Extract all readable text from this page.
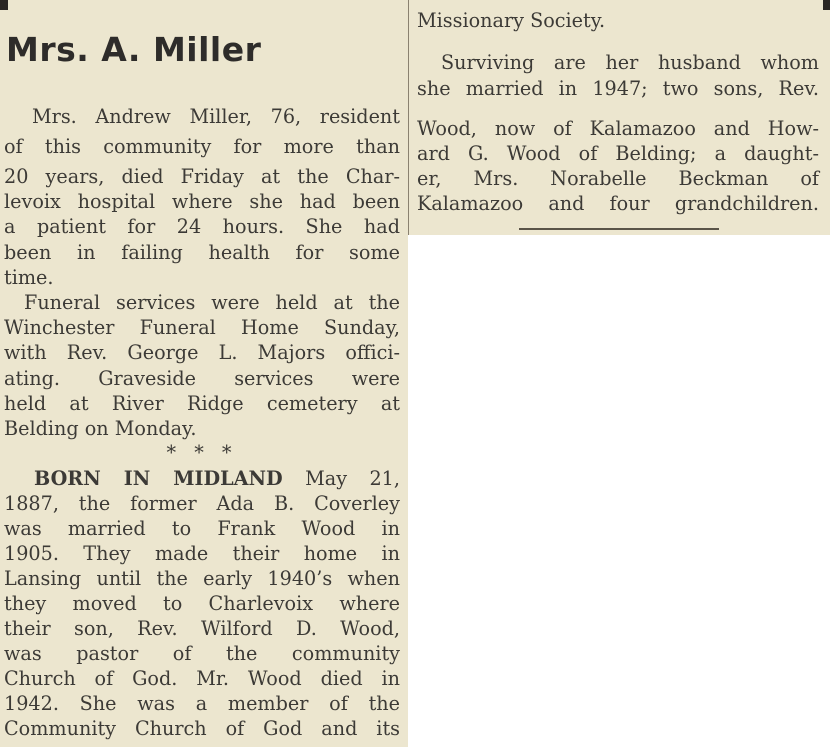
Mrs. A. Miller
Mrs. Andrew Miller, 76, resident
of this community for more than
20 years, died Friday at the Char-
levoix hospital where she had been
a patient for 24 hours. She had
been in failing health for some
time.
Funeral services were held at the
Winchester Funeral Home Sunday,
with Rev. George L. Majors offici-
ating. Graveside services were
held at River Ridge cemetery at
Belding on Monday.
* * *
BORN IN MIDLAND May 21,
1887, the former Ada B. Coverley
was married to Frank Wood in
1905. They made their home in
Lansing until the early 1940’s when
they moved to Charlevoix where
their son, Rev. Wilford D. Wood,
was pastor of the community
Church of God. Mr. Wood died in
1942. She was a member of the
Community Church of God and its
Missionary Society.
Surviving are her husband whom
she married in 1947; two sons, Rev.
Wood, now of Kalamazoo and How-
ard G. Wood of Belding; a daught-
er, Mrs. Norabelle Beckman of
Kalamazoo and four grandchildren.
